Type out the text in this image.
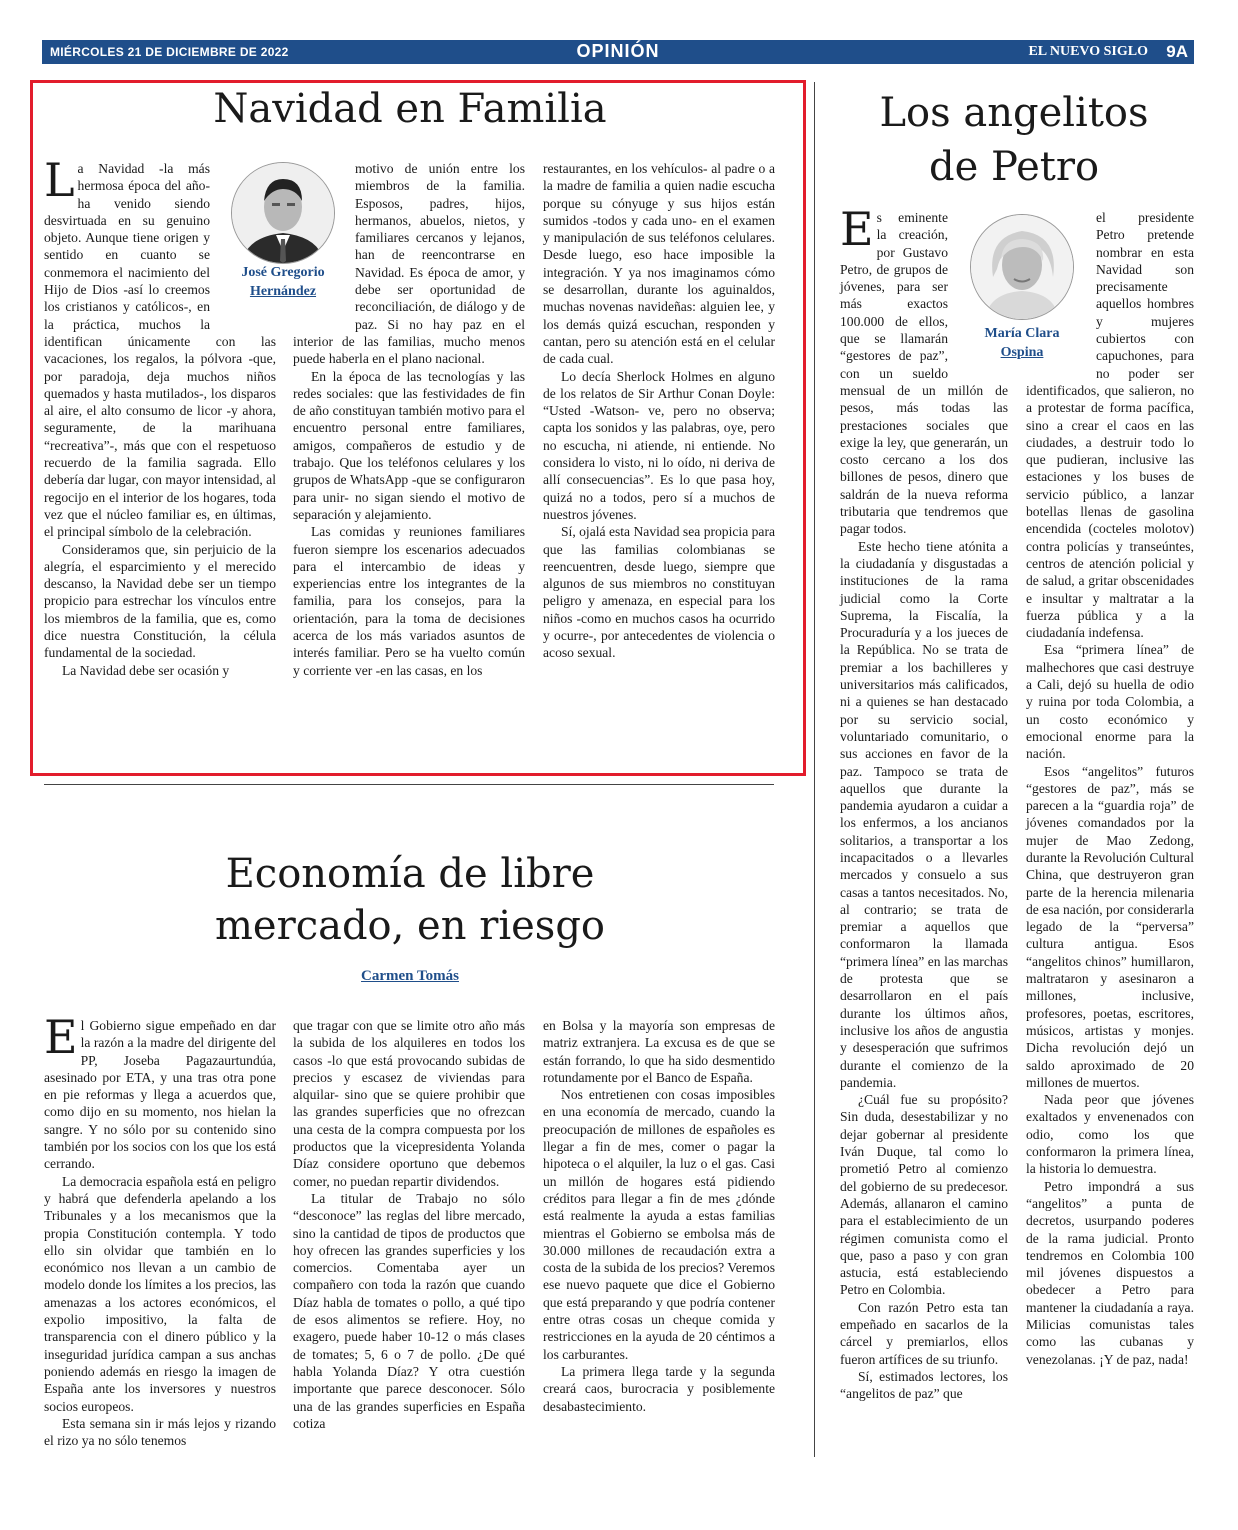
MIÉRCOLES 21 DE DICIEMBRE DE 2022	OPINIÓN	EL NUEVO SIGLO 9A
Navidad en Familia
José Gregorio
Hernández

La Navidad -la más hermosa época del año- ha venido siendo desvirtuada en su genuino objeto. Aunque tiene origen y sentido en cuanto se conmemora el nacimiento del Hijo de Dios -así lo creemos los cristianos y católicos-, en la práctica, muchos la identifican únicamente con las vacaciones, los regalos, la pólvora -que, por paradoja, deja muchos niños quemados y hasta mutilados-, los disparos al aire, el alto consumo de licor -y ahora, seguramente, de la marihuana “recreativa”-, más que con el respetuoso recuerdo de la familia sagrada. Ello debería dar lugar, con mayor intensidad, al regocijo en el interior de los hogares, toda vez que el núcleo familiar es, en últimas, el principal símbolo de la celebración.

Consideramos que, sin perjuicio de la alegría, el esparcimiento y el merecido descanso, la Navidad debe ser un tiempo propicio para estrechar los vínculos entre los miembros de la familia, que es, como dice nuestra Constitución, la célula fundamental de la sociedad.

La Navidad debe ser ocasión y

motivo de unión entre los miembros de la familia. Esposos, padres, hijos, hermanos, abuelos, nietos, y familiares cercanos y lejanos, han de reencontrarse en Navidad. Es época de amor, y debe ser oportunidad de reconciliación, de diálogo y de paz. Si no hay paz en el interior de las familias, mucho menos puede haberla en el plano nacional.

En la época de las tecnologías y las redes sociales: que las festividades de fin de año constituyan también motivo para el encuentro personal entre familiares, amigos, compañeros de estudio y de trabajo. Que los teléfonos celulares y los grupos de WhatsApp -que se configuraron para unir- no sigan siendo el motivo de separación y alejamiento.

Las comidas y reuniones familiares fueron siempre los escenarios adecuados para el intercambio de ideas y experiencias entre los integrantes de la familia, para los consejos, para la orientación, para la toma de decisiones acerca de los más variados asuntos de interés familiar. Pero se ha vuelto común y corriente ver -en las casas, en los

restaurantes, en los vehículos- al padre o a la madre de familia a quien nadie escucha porque su cónyuge y sus hijos están sumidos -todos y cada uno- en el examen y manipulación de sus teléfonos celulares. Desde luego, eso hace imposible la integración. Y ya nos imaginamos cómo se desarrollan, durante los aguinaldos, muchas novenas navideñas: alguien lee, y los demás quizá escuchan, responden y cantan, pero su atención está en el celular de cada cual.

Lo decía Sherlock Holmes en alguno de los relatos de Sir Arthur Conan Doyle: “Usted -Watson- ve, pero no observa; capta los sonidos y las palabras, oye, pero no escucha, ni atiende, ni entiende. No considera lo visto, ni lo oído, ni deriva de allí consecuencias”. Es lo que pasa hoy, quizá no a todos, pero sí a muchos de nuestros jóvenes.

Sí, ojalá esta Navidad sea propicia para que las familias colombianas se reencuentren, desde luego, siempre que algunos de sus miembros no constituyan peligro y amenaza, en especial para los niños -como en muchos casos ha ocurrido y ocurre-, por antecedentes de violencia o acoso sexual.

Economía de libre
mercado, en riesgo
Carmen Tomás

El Gobierno sigue empeñado en dar la razón a la madre del dirigente del PP, Joseba Pagazaurtundúa, asesinado por ETA, y una tras otra pone en pie reformas y llega a acuerdos que, como dijo en su momento, nos hielan la sangre. Y no sólo por su contenido sino también por los socios con los que los está cerrando.

La democracia española está en peligro y habrá que defenderla apelando a los Tribunales y a los mecanismos que la propia Constitución contempla. Y todo ello sin olvidar que también en lo económico nos llevan a un cambio de modelo donde los límites a los precios, las amenazas a los actores económicos, el expolio impositivo, la falta de transparencia con el dinero público y la inseguridad jurídica campan a sus anchas poniendo además en riesgo la imagen de España ante los inversores y nuestros socios europeos.

Esta semana sin ir más lejos y rizando el rizo ya no sólo tenemos

que tragar con que se limite otro año más la subida de los alquileres en todos los casos -lo que está provocando subidas de precios y escasez de viviendas para alquilar- sino que se quiere prohibir que las grandes superficies que no ofrezcan una cesta de la compra compuesta por los productos que la vicepresidenta Yolanda Díaz considere oportuno que debemos comer, no puedan repartir dividendos.

La titular de Trabajo no sólo “desconoce” las reglas del libre mercado, sino la cantidad de tipos de productos que hoy ofrecen las grandes superficies y los comercios. Comentaba ayer un compañero con toda la razón que cuando Díaz habla de tomates o pollo, a qué tipo de esos alimentos se refiere. Hoy, no exagero, puede haber 10-12 o más clases de tomates; 5, 6 o 7 de pollo. ¿De qué habla Yolanda Díaz? Y otra cuestión importante que parece desconocer. Sólo una de las grandes superficies en España cotiza

en Bolsa y la mayoría son empresas de matriz extranjera. La excusa es de que se están forrando, lo que ha sido desmentido rotundamente por el Banco de España.

Nos entretienen con cosas imposibles en una economía de mercado, cuando la preocupación de millones de españoles es llegar a fin de mes, comer o pagar la hipoteca o el alquiler, la luz o el gas. Casi un millón de hogares está pidiendo créditos para llegar a fin de mes ¿dónde está realmente la ayuda a estas familias mientras el Gobierno se embolsa más de 30.000 millones de recaudación extra a costa de la subida de los precios? Veremos ese nuevo paquete que dice el Gobierno que está preparando y que podría contener entre otras cosas un cheque comida y restricciones en la ayuda de 20 céntimos a los carburantes.

La primera llega tarde y la segunda creará caos, burocracia y posiblemente desabastecimiento.

Los angelitos
de Petro
María Clara
Ospina

Es eminente la creación, por Gustavo Petro, de grupos de jóvenes, para ser más exactos 100.000 de ellos, que se llamarán “gestores de paz”, con un sueldo mensual de un millón de pesos, más todas las prestaciones sociales que exige la ley, que generarán, un costo cercano a los dos billones de pesos, dinero que saldrán de la nueva reforma tributaria que tendremos que pagar todos.

Este hecho tiene atónita a la ciudadanía y disgustadas a instituciones de la rama judicial como la Corte Suprema, la Fiscalía, la Procuraduría y a los jueces de la República. No se trata de premiar a los bachilleres y universitarios más calificados, ni a quienes se han destacado por su servicio social, voluntariado comunitario, o sus acciones en favor de la paz. Tampoco se trata de aquellos que durante la pandemia ayudaron a cuidar a los enfermos, a los ancianos solitarios, a transportar a los incapacitados o a llevarles mercados y consuelo a sus casas a tantos necesitados. No, al contrario; se trata de premiar a aquellos que conformaron la llamada “primera línea” en las marchas de protesta que se desarrollaron en el país durante los últimos años, inclusive los años de angustia y desesperación que sufrimos durante el comienzo de la pandemia.

¿Cuál fue su propósito? Sin duda, desestabilizar y no dejar gobernar al presidente Iván Duque, tal como lo prometió Petro al comienzo del gobierno de su predecesor. Además, allanaron el camino para el establecimiento de un régimen comunista como el que, paso a paso y con gran astucia, está estableciendo Petro en Colombia.

Con razón Petro esta tan empeñado en sacarlos de la cárcel y premiarlos, ellos fueron artífices de su triunfo.

Sí, estimados lectores, los “angelitos de paz” que

el presidente Petro pretende nombrar en esta Navidad son precisamente aquellos hombres y mujeres cubiertos con capuchones, para no poder ser identificados, que salieron, no a protestar de forma pacífica, sino a crear el caos en las ciudades, a destruir todo lo que pudieran, inclusive las estaciones y los buses de servicio público, a lanzar botellas llenas de gasolina encendida (cocteles molotov) contra policías y transeúntes, centros de atención policial y de salud, a gritar obscenidades e insultar y maltratar a la fuerza pública y a la ciudadanía indefensa.

Esa “primera línea” de malhechores que casi destruye a Cali, dejó su huella de odio y ruina por toda Colombia, a un costo económico y emocional enorme para la nación.

Esos “angelitos” futuros “gestores de paz”, más se parecen a la “guardia roja” de jóvenes comandados por la mujer de Mao Zedong, durante la Revolución Cultural China, que destruyeron gran parte de la herencia milenaria de esa nación, por considerarla legado de la “perversa” cultura antigua. Esos “angelitos chinos” humillaron, maltrataron y asesinaron a millones, inclusive, profesores, poetas, escritores, músicos, artistas y monjes. Dicha revolución dejó un saldo aproximado de 20 millones de muertos.

Nada peor que jóvenes exaltados y envenenados con odio, como los que conformaron la primera línea, la historia lo demuestra.

Petro impondrá a sus “angelitos” a punta de decretos, usurpando poderes de la rama judicial. Pronto tendremos en Colombia 100 mil jóvenes dispuestos a obedecer a Petro para mantener la ciudadanía a raya. Milicias comunistas tales como las cubanas y venezolanas. ¡Y de paz, nada!
